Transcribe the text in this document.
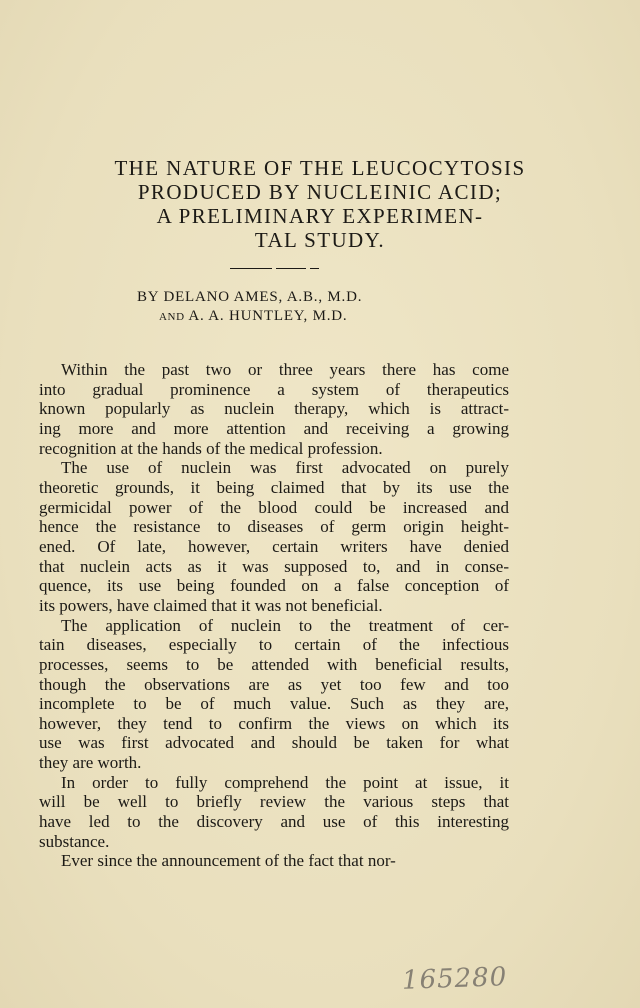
THE NATURE OF THE LEUCOCYTOSIS
PRODUCED BY NUCLEINIC ACID;
A PRELIMINARY EXPERIMEN-
TAL STUDY.
BY DELANO AMES, A.B., M.D.
AND A. A. HUNTLEY, M.D.
Within the past two or three years there has come
into gradual prominence a system of therapeutics
known popularly as nuclein therapy, which is attract-
ing more and more attention and receiving a growing
recognition at the hands of the medical profession.
The use of nuclein was first advocated on purely
theoretic grounds, it being claimed that by its use the
germicidal power of the blood could be increased and
hence the resistance to diseases of germ origin height-
ened. Of late, however, certain writers have denied
that nuclein acts as it was supposed to, and in conse-
quence, its use being founded on a false conception of
its powers, have claimed that it was not beneficial.
The application of nuclein to the treatment of cer-
tain diseases, especially to certain of the infectious
processes, seems to be attended with beneficial results,
though the observations are as yet too few and too
incomplete to be of much value. Such as they are,
however, they tend to confirm the views on which its
use was first advocated and should be taken for what
they are worth.
In order to fully comprehend the point at issue, it
will be well to briefly review the various steps that
have led to the discovery and use of this interesting
substance.
Ever since the announcement of the fact that nor-
165280
